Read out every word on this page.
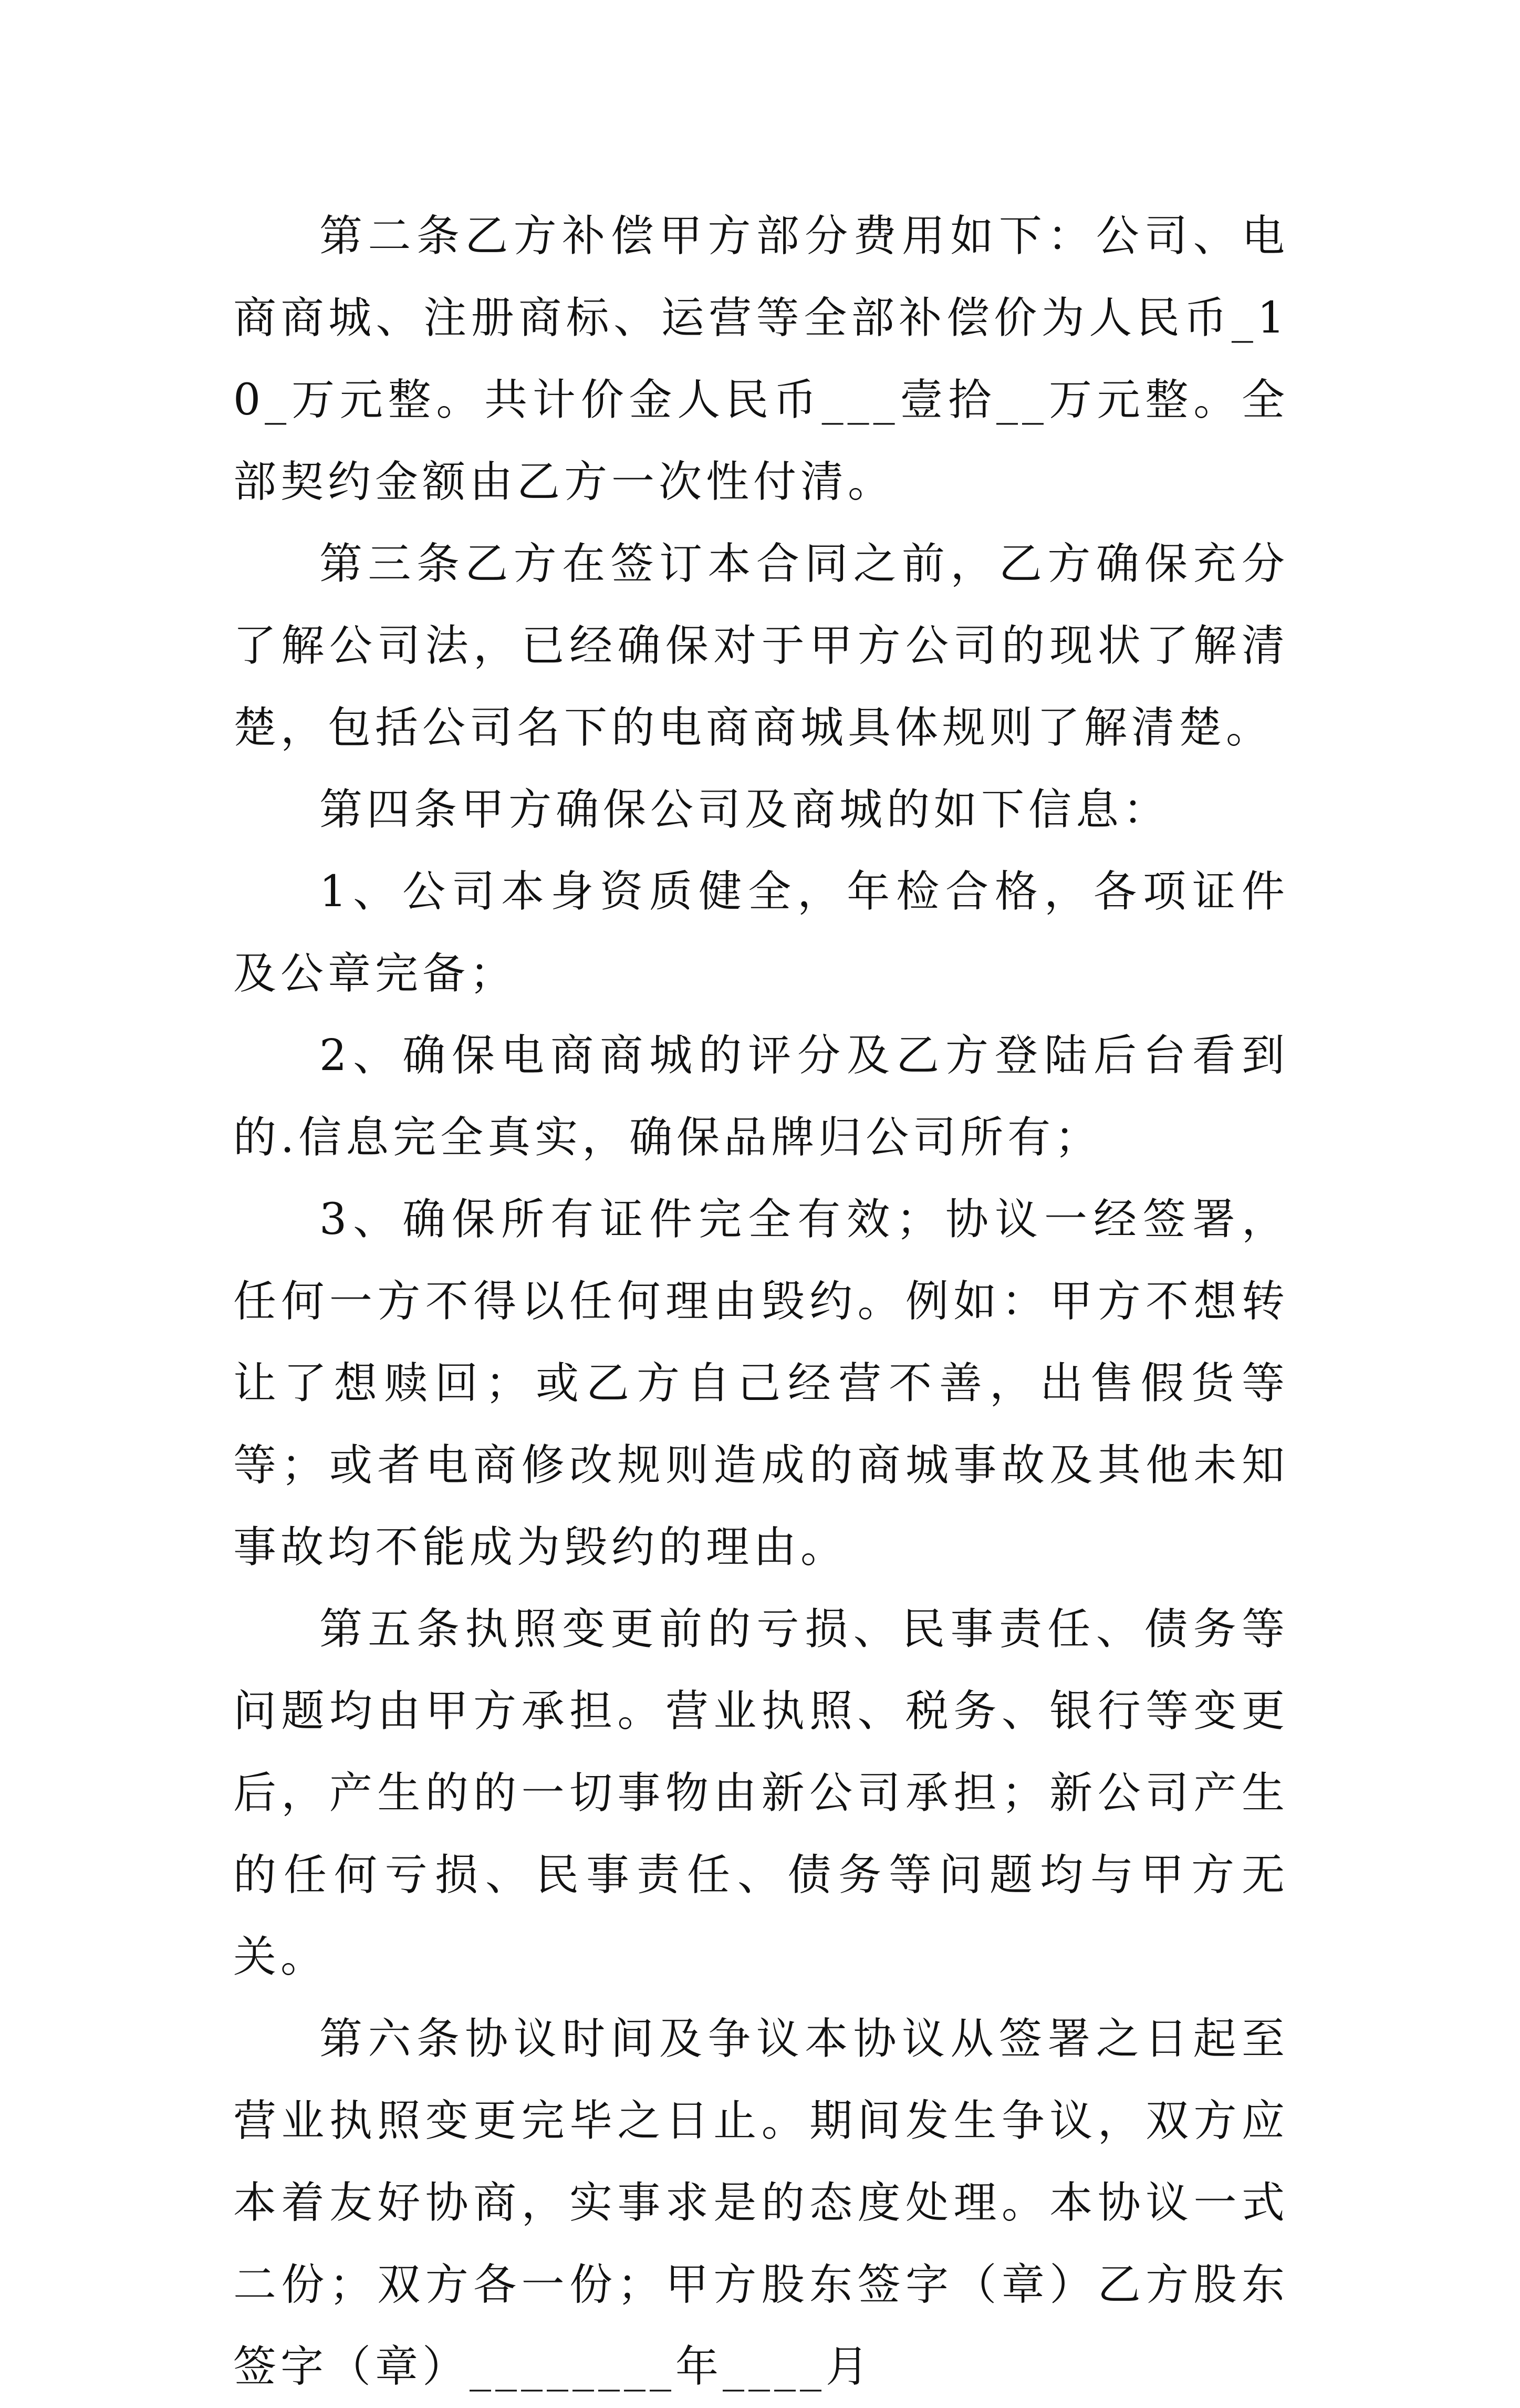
第二条乙方补偿甲方部分费用如下：公司、电商商城、注册商标、运营等全部补偿价为人民币_10_万元整。共计价金人民币___壹拾__万元整。全部契约金额由乙方一次性付清。

第三条乙方在签订本合同之前，乙方确保充分了解公司法，已经确保对于甲方公司的现状了解清楚，包括公司名下的电商商城具体规则了解清楚。

第四条甲方确保公司及商城的如下信息：

1、公司本身资质健全，年检合格，各项证件及公章完备；

2、确保电商商城的评分及乙方登陆后台看到的.信息完全真实，确保品牌归公司所有；

3、确保所有证件完全有效；协议一经签署，任何一方不得以任何理由毁约。例如：甲方不想转让了想赎回；或乙方自己经营不善，出售假货等等；或者电商修改规则造成的商城事故及其他未知事故均不能成为毁约的理由。

第五条执照变更前的亏损、民事责任、债务等问题均由甲方承担。营业执照、税务、银行等变更后，产生的的一切事物由新公司承担；新公司产生的任何亏损、民事责任、债务等问题均与甲方无关。

第六条协议时间及争议本协议从签署之日起至营业执照变更完毕之日止。期间发生争议，双方应本着友好协商，实事求是的态度处理。本协议一式二份；双方各一份；甲方股东签字（章）乙方股东签字（章）________年____月
